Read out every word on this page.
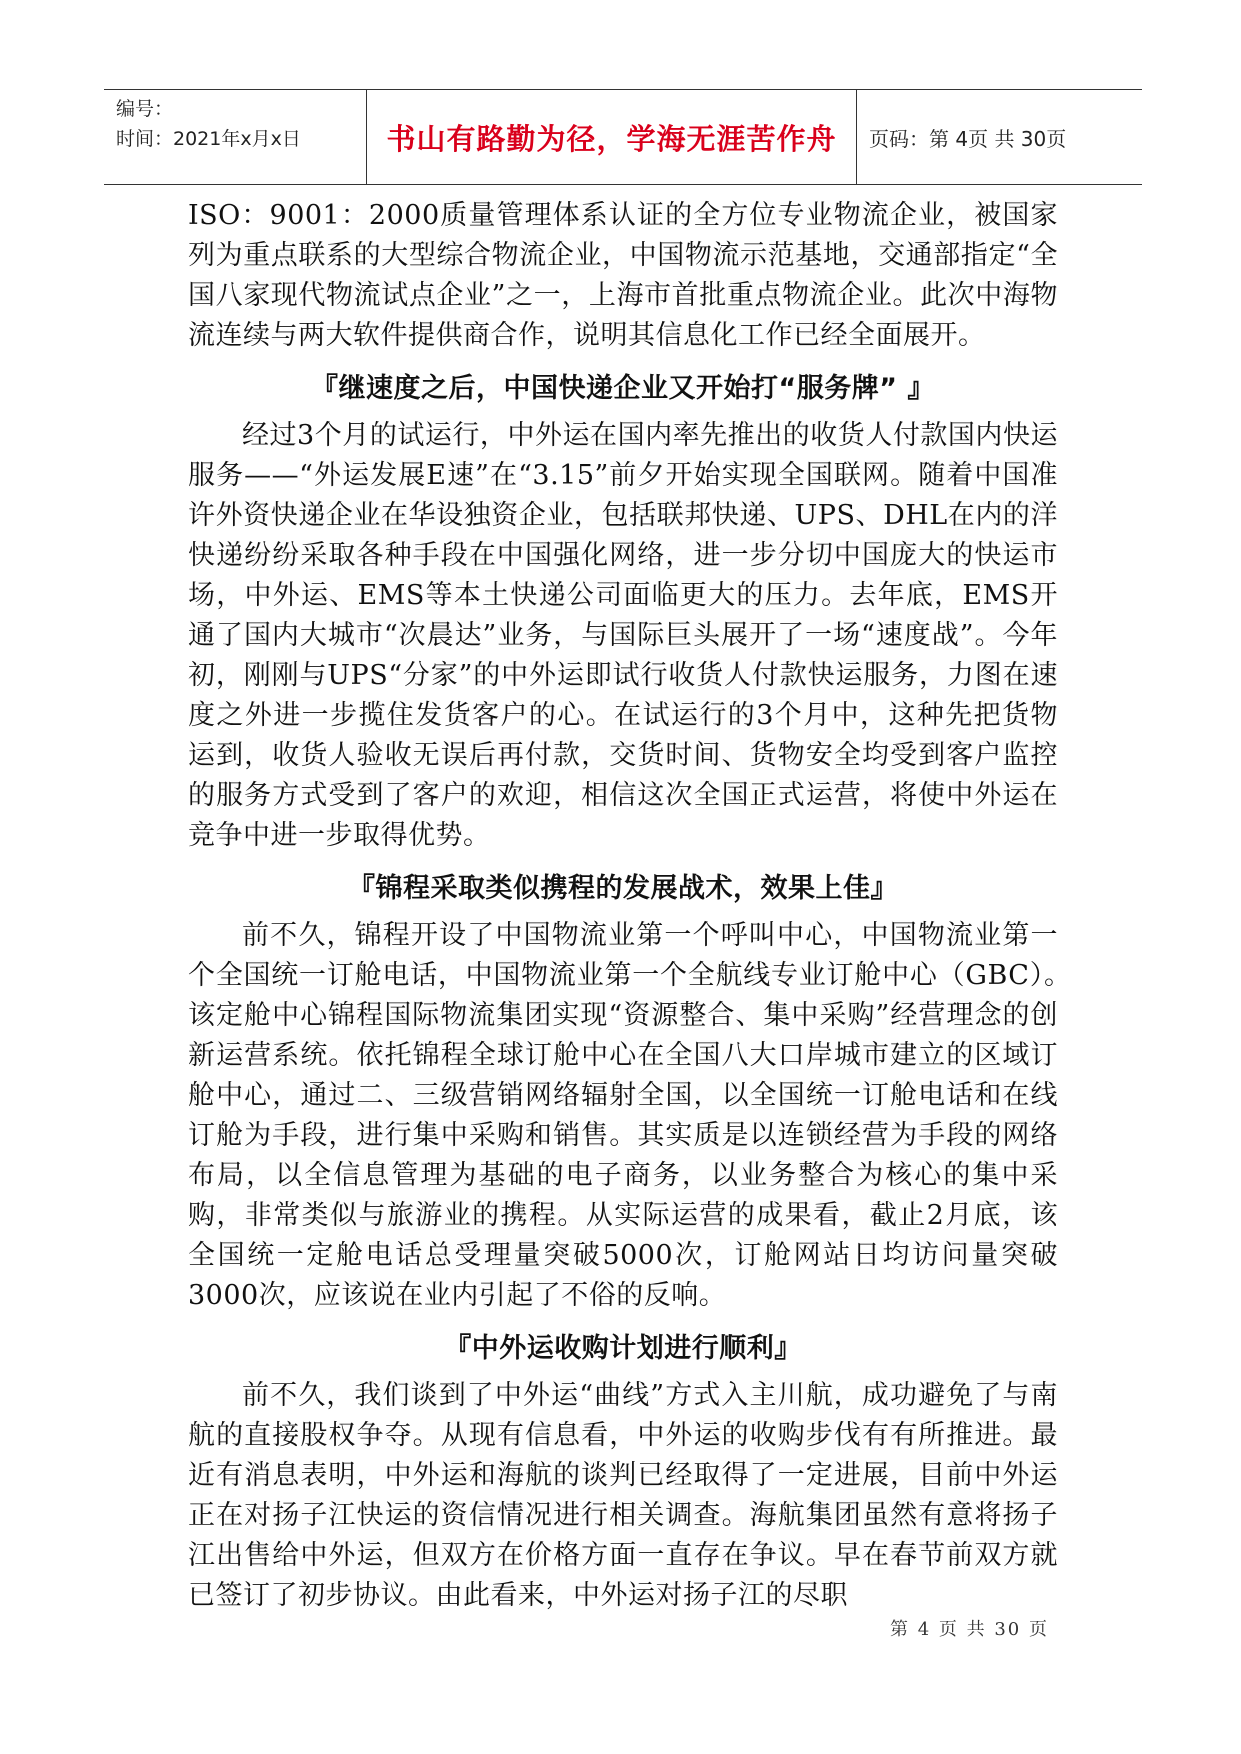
编号：
时间：2021年x月x日	书山有路勤为径，学海无涯苦作舟 页码：第 4页 共 30页

ISO：9001：2000质量管理体系认证的全方位专业物流企业，被国家列为重点联系的大型综合物流企业，中国物流示范基地，交通部指定“全国八家现代物流试点企业”之一，上海市首批重点物流企业。此次中海物流连续与两大软件提供商合作，说明其信息化工作已经全面展开。

『继速度之后，中国快递企业又开始打“服务牌” 』

经过3个月的试运行，中外运在国内率先推出的收货人付款国内快运服务——“外运发展E速”在“3.15”前夕开始实现全国联网。随着中国准许外资快递企业在华设独资企业，包括联邦快递、UPS、DHL在内的洋快递纷纷采取各种手段在中国强化网络，进一步分切中国庞大的快运市场，中外运、EMS等本土快递公司面临更大的压力。去年底，EMS开通了国内大城市“次晨达”业务，与国际巨头展开了一场“速度战”。今年初，刚刚与UPS“分家”的中外运即试行收货人付款快运服务，力图在速度之外进一步揽住发货客户的心。在试运行的3个月中，这种先把货物运到，收货人验收无误后再付款，交货时间、货物安全均受到客户监控的服务方式受到了客户的欢迎，相信这次全国正式运营，将使中外运在竞争中进一步取得优势。

『锦程采取类似携程的发展战术，效果上佳』

前不久，锦程开设了中国物流业第一个呼叫中心，中国物流业第一个全国统一订舱电话，中国物流业第一个全航线专业订舱中心（GBC）。　　该定舱中心锦程国际物流集团实现“资源整合、集中采购”经营理念的创新运营系统。依托锦程全球订舱中心在全国八大口岸城市建立的区域订舱中心，通过二、三级营销网络辐射全国，以全国统一订舱电话和在线订舱为手段，进行集中采购和销售。其实质是以连锁经营为手段的网络布局，以全信息管理为基础的电子商务，以业务整合为核心的集中采购，非常类似与旅游业的携程。从实际运营的成果看，截止2月底，该全国统一定舱电话总受理量突破5000次，订舱网站日均访问量突破3000次，应该说在业内引起了不俗的反响。

『中外运收购计划进行顺利』

前不久，我们谈到了中外运“曲线”方式入主川航，成功避免了与南航的直接股权争夺。从现有信息看，中外运的收购步伐有有所推进。最近有消息表明，中外运和海航的谈判已经取得了一定进展，目前中外运正在对扬子江快运的资信情况进行相关调查。海航集团虽然有意将扬子江出售给中外运，但双方在价格方面一直存在争议。早在春节前双方就已签订了初步协议。由此看来，中外运对扬子江的尽职

第 4 页 共 30 页
